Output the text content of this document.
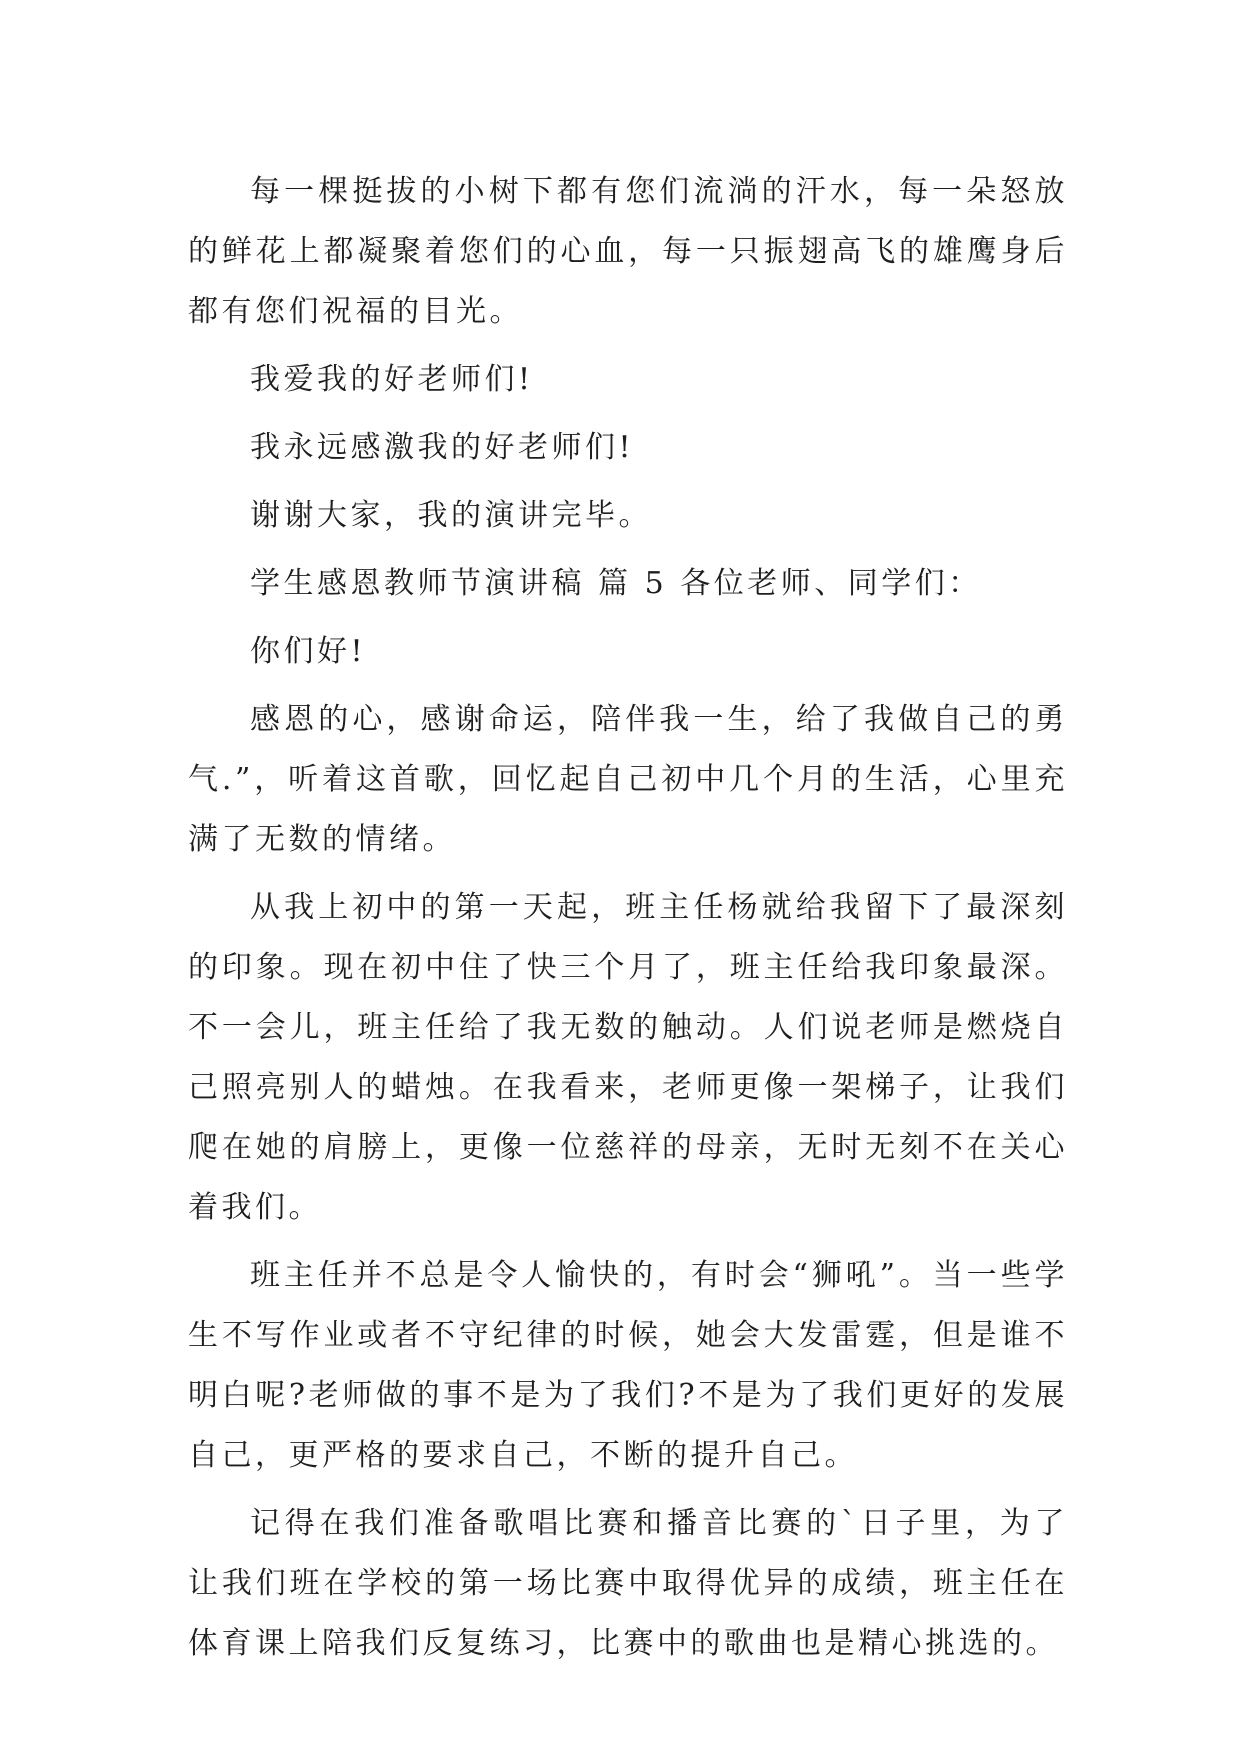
每一棵挺拔的小树下都有您们流淌的汗水，每一朵怒放的鲜花上都凝聚着您们的心血，每一只振翅高飞的雄鹰身后都有您们祝福的目光。

我爱我的好老师们!

我永远感激我的好老师们!

谢谢大家，我的演讲完毕。

学生感恩教师节演讲稿 篇 5 各位老师、同学们：

你们好!

感恩的心，感谢命运，陪伴我一生，给了我做自己的勇气.”，听着这首歌，回忆起自己初中几个月的生活，心里充满了无数的情绪。

从我上初中的第一天起，班主任杨就给我留下了最深刻的印象。现在初中住了快三个月了，班主任给我印象最深。不一会儿，班主任给了我无数的触动。人们说老师是燃烧自己照亮别人的蜡烛。在我看来，老师更像一架梯子，让我们爬在她的肩膀上，更像一位慈祥的母亲，无时无刻不在关心着我们。

班主任并不总是令人愉快的，有时会“狮吼”。当一些学生不写作业或者不守纪律的时候，她会大发雷霆，但是谁不明白呢?老师做的事不是为了我们?不是为了我们更好的发展自己，更严格的要求自己，不断的提升自己。

记得在我们准备歌唱比赛和播音比赛的`日子里，为了让我们班在学校的第一场比赛中取得优异的成绩，班主任在体育课上陪我们反复练习，比赛中的歌曲也是精心挑选的。
